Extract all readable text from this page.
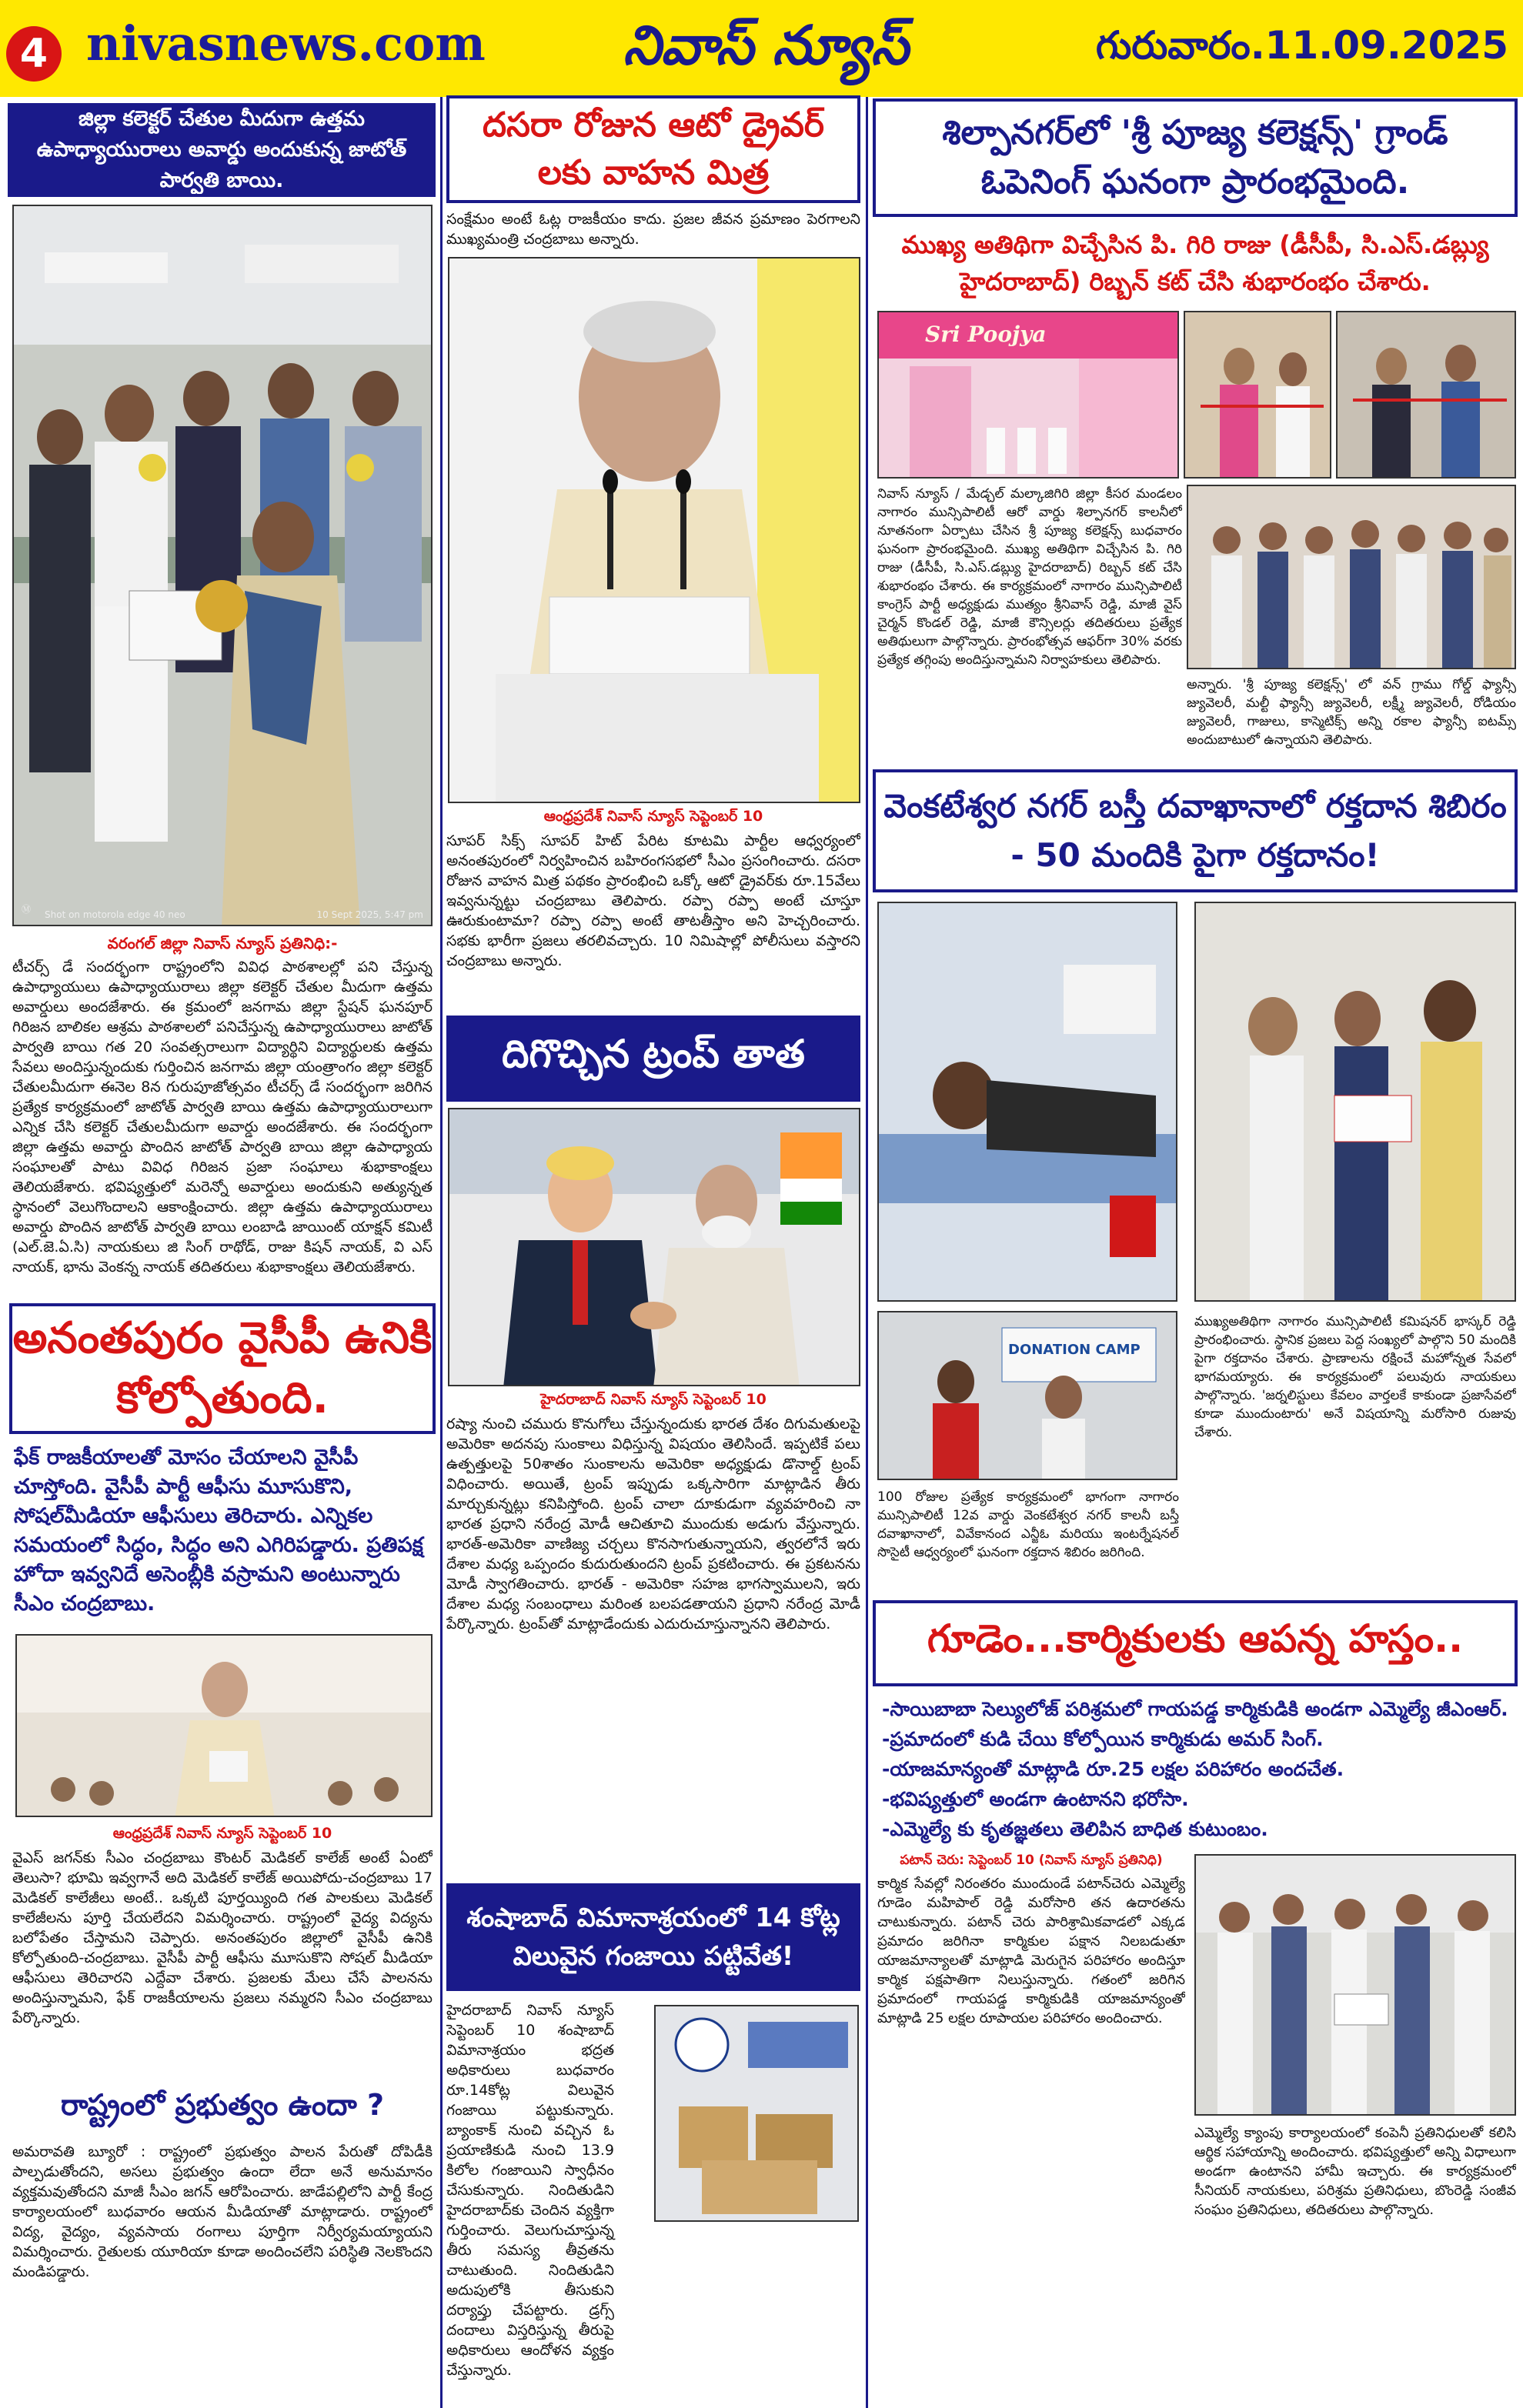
4 nivasnews.com	నివాస్ న్యూస్	గురువారం.11.09.2025
జిల్లా కలెక్టర్ చేతుల మీదుగా ఉత్తమ ఉపాధ్యాయురాలు అవార్డు అందుకున్న జాటోత్ పార్వతి బాయి.
Ⓜ Shot on motorola edge 40 neo	10 Sept 2025, 5:47 pm
వరంగల్ జిల్లా నివాస్ న్యూస్ ప్రతినిధి:-
టీచర్స్ డే సందర్భంగా రాష్ట్రంలోని వివిధ పాఠశాలల్లో పని చేస్తున్న ఉపాధ్యాయులు ఉపాధ్యాయురాలు జిల్లా కలెక్టర్ చేతుల మీదుగా ఉత్తమ అవార్డులు అందజేశారు. ఈ క్రమంలో జనగామ జిల్లా స్టేషన్ ఘనపూర్ గిరిజన బాలికల ఆశ్రమ పాఠశాలలో పనిచేస్తున్న ఉపాధ్యాయురాలు జాటోత్ పార్వతి బాయి గత 20 సంవత్సరాలుగా విద్యార్థిని విద్యార్థులకు ఉత్తమ సేవలు అందిస్తున్నందుకు గుర్తించిన జనగామ జిల్లా యంత్రాంగం జిల్లా కలెక్టర్ చేతులమీదుగా ఈనెల 8న గురుపూజోత్సవం టీచర్స్ డే సందర్భంగా జరిగిన ప్రత్యేక కార్యక్రమంలో జాటోత్ పార్వతి బాయి ఉత్తమ ఉపాధ్యాయురాలుగా ఎన్నిక చేసి కలెక్టర్ చేతులమీదుగా అవార్డు అందజేశారు. ఈ సందర్భంగా జిల్లా ఉత్తమ అవార్డు పొందిన జాటోత్ పార్వతి బాయి జిల్లా ఉపాధ్యాయ సంఘాలతో పాటు వివిధ గిరిజన ప్రజా సంఘాలు శుభాకాంక్షలు తెలియజేశారు. భవిష్యత్తులో మరెన్నో అవార్డులు అందుకుని అత్యున్నత స్థానంలో వెలుగొందాలని ఆకాంక్షించారు. జిల్లా ఉత్తమ ఉపాధ్యాయురాలు అవార్డు పొందిన జాటోత్ పార్వతి బాయి లంబాడి జాయింట్ యాక్షన్ కమిటీ (ఎల్.జె.ఏ.సి) నాయకులు జి సింగ్ రాథోడ్, రాజు కిషన్ నాయక్, వి ఎస్ నాయక్, భాను వెంకన్న నాయక్ తదితరులు శుభాకాంక్షలు తెలియజేశారు.
అనంతపురం వైసీపీ ఉనికి కోల్పోతుంది.
ఫేక్ రాజకీయాలతో మోసం చేయాలని వైసీపీ చూస్తోంది. వైసీపీ పార్టీ ఆఫీసు మూసుకొని, సోషల్‌మీడియా ఆఫీసులు తెరిచారు. ఎన్నికల సమయంలో సిద్ధం, సిద్ధం అని ఎగిరిపడ్డారు. ప్రతిపక్ష హోదా ఇవ్వనిదే అసెంబ్లీకి వస్రామని అంటున్నారు సీఎం చంద్రబాబు.
ఆంధ్రప్రదేశ్ నివాస్ న్యూస్ సెప్టెంబర్ 10
వైఎస్ జగన్‌కు సీఎం చంద్రబాబు కౌంటర్ మెడికల్ కాలేజ్ అంటే ఏంటో తెలుసా? భూమి ఇవ్వగానే అది మెడికల్ కాలేజ్ అయిపోదు-చంద్రబాబు 17 మెడికల్ కాలేజీలు అంటే.. ఒక్కటి పూర్తయ్యింది గత పాలకులు మెడికల్ కాలేజీలను పూర్తి చేయలేదని విమర్శించారు. రాష్ట్రంలో వైద్య విద్యను బలోపేతం చేస్తామని చెప్పారు. అనంతపురం జిల్లాలో వైసీపీ ఉనికి కోల్పోతుంది-చంద్రబాబు. వైసీపీ పార్టీ ఆఫీసు మూసుకొని సోషల్ మీడియా ఆఫీసులు తెరిచారని ఎద్దేవా చేశారు. ప్రజలకు మేలు చేసే పాలనను అందిస్తున్నామని, ఫేక్ రాజకీయాలను ప్రజలు నమ్మరని సీఎం చంద్రబాబు పేర్కొన్నారు.
రాష్ట్రంలో ప్రభుత్వం ఉందా ?
అమరావతి బ్యూరో : రాష్ట్రంలో ప్రభుత్వం పాలన పేరుతో దోపిడీకి పాల్పడుతోందని, అసలు ప్రభుత్వం ఉందా లేదా అనే అనుమానం వ్యక్తమవుతోందని మాజీ సీఎం జగన్ ఆరోపించారు. జాడేపల్లిలోని పార్టీ కేంద్ర కార్యాలయంలో బుధవారం ఆయన మీడియాతో మాట్లాడారు. రాష్ట్రంలో విద్య, వైద్యం, వ్యవసాయ రంగాలు పూర్తిగా నిర్వీర్యమయ్యాయని విమర్శించారు. రైతులకు యూరియా కూడా అందించలేని పరిస్థితి నెలకొందని మండిపడ్డారు.
దసరా రోజున ఆటో డ్రైవర్ లకు వాహన మిత్ర
సంక్షేమం అంటే ఓట్ల రాజకీయం కాదు. ప్రజల జీవన ప్రమాణం పెరగాలని ముఖ్యమంత్రి చంద్రబాబు అన్నారు.
ఆంధ్రప్రదేశ్ నివాస్ న్యూస్ సెప్టెంబర్ 10
సూపర్ సిక్స్ సూపర్ హిట్ పేరిట కూటమి పార్టీల ఆధ్వర్యంలో అనంతపురంలో నిర్వహించిన బహిరంగసభలో సీఎం ప్రసంగించారు. దసరా రోజున వాహన మిత్ర పథకం ప్రారంభించి ఒక్కో ఆటో డ్రైవర్‌కు రూ.15వేలు ఇవ్వనున్నట్టు చంద్రబాబు తెలిపారు. రప్పా రప్పా అంటే చూస్తూ ఊరుకుంటామా? రప్పా రప్పా అంటే తాటతీస్తాం అని హెచ్చరించారు. సభకు భారీగా ప్రజలు తరలివచ్చారు. 10 నిమిషాల్లో పోలీసులు వస్తారని చంద్రబాబు అన్నారు.
దిగొచ్చిన ట్రంప్ తాత
హైదరాబాద్ నివాస్ న్యూస్ సెప్టెంబర్ 10
రష్యా నుంచి చమురు కొనుగోలు చేస్తున్నందుకు భారత దేశం దిగుమతులపై అమెరికా అదనపు సుంకాలు విధిస్తున్న విషయం తెలిసిందే. ఇప్పటికే పలు ఉత్పత్తులపై 50శాతం సుంకాలను అమెరికా అధ్యక్షుడు డొనాల్డ్ ట్రంప్ విధించారు. అయితే, ట్రంప్ ఇప్పుడు ఒక్కసారిగా మాట్లాడిన తీరు మార్చుకున్నట్లు కనిపిస్తోంది. ట్రంప్ చాలా దూకుడుగా వ్యవహరించి నా భారత ప్రధాని నరేంద్ర మోడీ ఆచితూచి ముందుకు అడుగు వేస్తున్నారు. భారత్-అమెరికా వాణిజ్య చర్చలు కొనసాగుతున్నాయని, త్వరలోనే ఇరు దేశాల మధ్య ఒప్పందం కుదురుతుందని ట్రంప్ ప్రకటించారు. ఈ ప్రకటనను మోడీ స్వాగతించారు. భారత్ - అమెరికా సహజ భాగస్వాములని, ఇరు దేశాల మధ్య సంబంధాలు మరింత బలపడతాయని ప్రధాని నరేంద్ర మోడీ పేర్కొన్నారు. ట్రంప్‌తో మాట్లాడేందుకు ఎదురుచూస్తున్నానని తెలిపారు.
శంషాబాద్ విమానాశ్రయంలో 14 కోట్ల విలువైన గంజాయి పట్టివేత!
హైదరాబాద్ నివాస్ న్యూస్ సెప్టెంబర్ 10 శంషాబాద్ విమానాశ్రయం భద్రత అధికారులు బుధవారం రూ.14కోట్ల విలువైన గంజాయి పట్టుకున్నారు. బ్యాంకాక్ నుంచి వచ్చిన ఓ ప్రయాణికుడి నుంచి 13.9 కిలోల గంజాయిని స్వాధీనం చేసుకున్నారు. నిందితుడిని హైదరాబాద్‌కు చెందిన వ్యక్తిగా గుర్తించారు. వెలుగుచూస్తున్న తీరు సమస్య తీవ్రతను చాటుతుంది. నిందితుడిని అదుపులోకి తీసుకుని దర్యాప్తు చేపట్టారు. డ్రగ్స్ దందాలు విస్తరిస్తున్న తీరుపై అధికారులు ఆందోళన వ్యక్తం చేస్తున్నారు.
శిల్పానగర్‌లో 'శ్రీ పూజ్య కలెక్షన్స్' గ్రాండ్ ఓపెనింగ్ ఘనంగా ప్రారంభమైంది.
ముఖ్య అతిథిగా విచ్చేసిన పి. గిరి రాజు (డీసీపీ, సి.ఎస్.డబ్ల్యు హైదరాబాద్) రిబ్బన్ కట్ చేసి శుభారంభం చేశారు.
Sri Poojya
నివాస్ న్యూస్ / మేడ్చల్ మల్కాజిగిరి జిల్లా కీసర మండలం నాగారం మున్సిపాలిటీ ఆరో వార్డు శిల్పానగర్ కాలనీలో నూతనంగా ఏర్పాటు చేసిన శ్రీ పూజ్య కలెక్షన్స్ బుధవారం ఘనంగా ప్రారంభమైంది. ముఖ్య అతిథిగా విచ్చేసిన పి. గిరి రాజు (డీసీపీ, సి.ఎస్.డబ్ల్యు హైదరాబాద్) రిబ్బన్ కట్ చేసి శుభారంభం చేశారు. ఈ కార్యక్రమంలో నాగారం మున్సిపాలిటీ కాంగ్రెస్ పార్టీ అధ్యక్షుడు ముత్యం శ్రీనివాస్ రెడ్డి, మాజీ వైస్ చైర్మన్ కొండల్ రెడ్డి, మాజీ కౌన్సిలర్లు తదితరులు ప్రత్యేక అతిథులుగా పాల్గొన్నారు. ప్రారంభోత్సవ ఆఫర్‌గా 30% వరకు ప్రత్యేక తగ్గింపు అందిస్తున్నామని నిర్వాహకులు తెలిపారు.
అన్నారు. 'శ్రీ పూజ్య కలెక్షన్స్' లో వన్ గ్రాము గోల్డ్ ఫ్యాన్సీ జ్యువెలరీ, మల్టీ ఫ్యాన్సీ జ్యువెలరీ, లక్ష్మీ జ్యువెలరీ, రోడియం జ్యువెలరీ, గాజులు, కాస్మెటిక్స్ అన్ని రకాల ఫ్యాన్సీ ఐటమ్స్ అందుబాటులో ఉన్నాయని తెలిపారు.
వెంకటేశ్వర నగర్ బస్తీ దవాఖానాలో రక్తదాన శిబిరం - 50 మందికి పైగా రక్తదానం!
DONATION CAMP
100 రోజుల ప్రత్యేక కార్యక్రమంలో భాగంగా నాగారం మున్సిపాలిటీ 12వ వార్డు వెంకటేశ్వర నగర్ కాలనీ బస్తీ దవాఖానాలో, వివేకానంద ఎన్జీఓ మరియు ఇంటర్నేషనల్ సొసైటీ ఆధ్వర్యంలో ఘనంగా రక్తదాన శిబిరం జరిగింది.
ముఖ్యఅతిథిగా నాగారం మున్సిపాలిటీ కమిషనర్ భాస్కర్ రెడ్డి ప్రారంభించారు. స్థానిక ప్రజలు పెద్ద సంఖ్యలో పాల్గొని 50 మందికి పైగా రక్తదానం చేశారు. ప్రాణాలను రక్షించే మహోన్నత సేవలో భాగమయ్యారు. ఈ కార్యక్రమంలో పలువురు నాయకులు పాల్గొన్నారు. 'జర్నలిస్టులు కేవలం వార్తలకే కాకుండా ప్రజాసేవలో కూడా ముందుంటారు' అనే విషయాన్ని మరోసారి రుజువు చేశారు.
గూడెం...కార్మికులకు ఆపన్న హస్తం..
-సాయిబాబా సెల్యులోజ్ పరిశ్రమలో గాయపడ్డ కార్మికుడికి అండగా ఎమ్మెల్యే జీఎంఆర్.
-ప్రమాదంలో కుడి చేయి కోల్పోయిన కార్మికుడు అమర్ సింగ్.
-యాజమాన్యంతో మాట్లాడి రూ.25 లక్షల పరిహారం అందచేత.
-భవిష్యత్తులో అండగా ఉంటానని భరోసా.
-ఎమ్మెల్యే కు కృతజ్ఞతలు తెలిపిన బాధిత కుటుంబం.
పటాన్ చెరు: సెప్టెంబర్ 10 (నివాస్ న్యూస్ ప్రతినిధి)
కార్మిక సేవల్లో నిరంతరం ముందుండే పటాన్‌చెరు ఎమ్మెల్యే గూడెం మహిపాల్ రెడ్డి మరోసారి తన ఉదారతను చాటుకున్నారు. పటాన్ చెరు పారిశ్రామికవాడలో ఎక్కడ ప్రమాదం జరిగినా కార్మికుల పక్షాన నిలబడుతూ యాజమాన్యాలతో మాట్లాడి మెరుగైన పరిహారం అందిస్తూ కార్మిక పక్షపాతిగా నిలుస్తున్నారు. గతంలో జరిగిన ప్రమాదంలో గాయపడ్డ కార్మికుడికి యాజమాన్యంతో మాట్లాడి 25 లక్షల రూపాయల పరిహారం అందించారు.
ఎమ్మెల్యే క్యాంపు కార్యాలయంలో కంపెనీ ప్రతినిధులతో కలిసి ఆర్థిక సహాయాన్ని అందించారు. భవిష్యత్తులో అన్ని విధాలుగా అండగా ఉంటానని హామీ ఇచ్చారు. ఈ కార్యక్రమంలో సీనియర్ నాయకులు, పరిశ్రమ ప్రతినిధులు, బొంరెడ్డి సంజీవ సంఘం ప్రతినిధులు, తదితరులు పాల్గొన్నారు.
